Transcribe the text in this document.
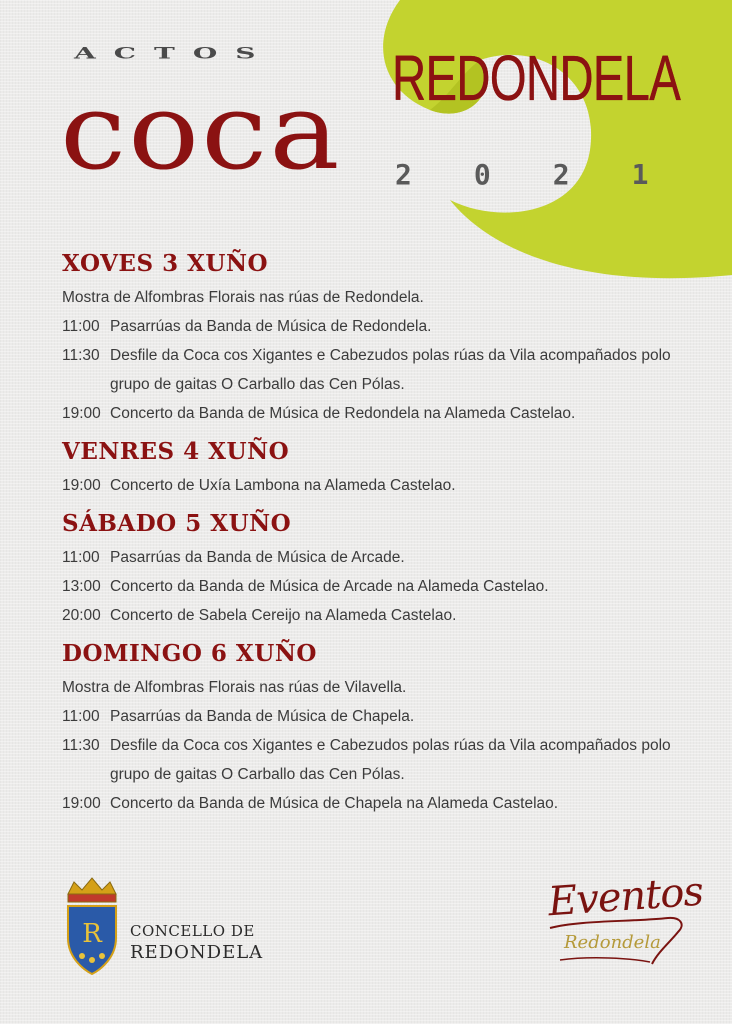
ACTOS
coca REDONDELA
2021
XOVES 3 XUÑO
Mostra de Alfombras Florais nas rúas de Redondela.
11:00 Pasarrúas da Banda de Música de Redondela.
11:30 Desfile da Coca cos Xigantes e Cabezudos polas rúas da Vila acompañados polo
grupo de gaitas O Carballo das Cen Pólas.
19:00 Concerto da Banda de Música de Redondela na Alameda Castelao.
VENRES 4 XUÑO
19:00 Concerto de Uxía Lambona na Alameda Castelao.
SÁBADO 5 XUÑO
11:00 Pasarrúas da Banda de Música de Arcade.
13:00 Concerto da Banda de Música de Arcade na Alameda Castelao.
20:00 Concerto de Sabela Cereijo na Alameda Castelao.
DOMINGO 6 XUÑO
Mostra de Alfombras Florais nas rúas de Vilavella.
11:00 Pasarrúas da Banda de Música de Chapela.
11:30 Desfile da Coca cos Xigantes e Cabezudos polas rúas da Vila acompañados polo
grupo de gaitas O Carballo das Cen Pólas.
19:00 Concerto da Banda de Música de Chapela na Alameda Castelao.
R CONCELLO DE
REDONDELA
Eventos
Redondela
